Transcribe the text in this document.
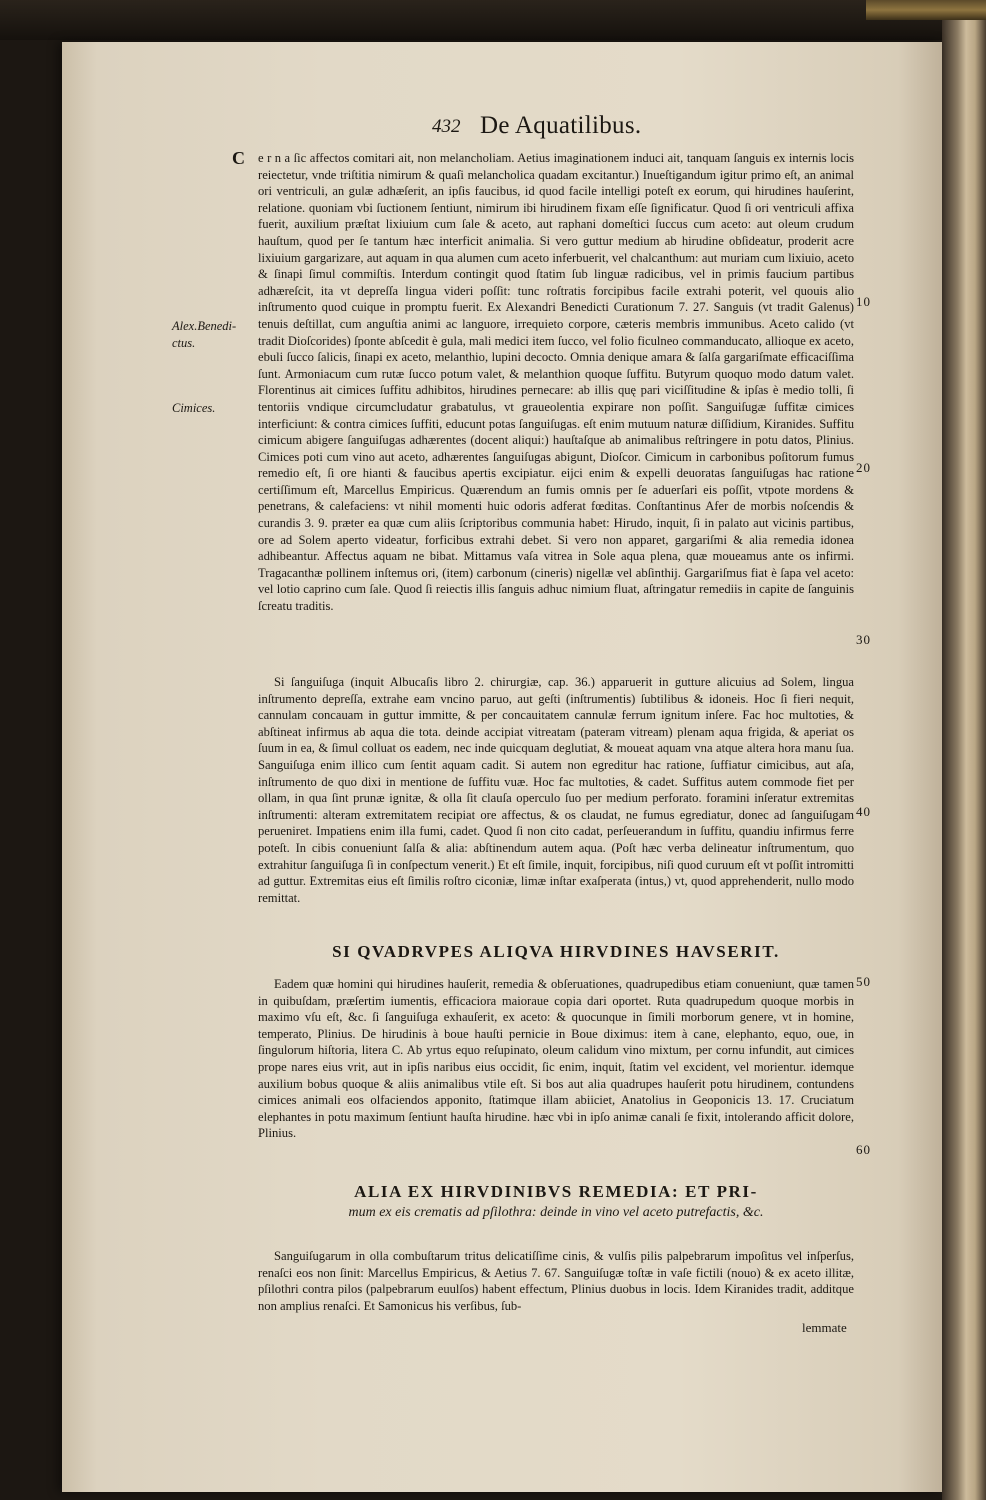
432 De Aquatilibus.
Alex.Benedi- ctus.
Cimices.
10
20
30
40
50
60

C e r n a ſic affectos comitari ait, non melancholiam. Aetius imaginationem induci ait, tanquam ſanguis ex internis locis reiectetur, vnde triſtitia nimirum & quaſi melancholica quadam excitantur.) Inueſtigandum igitur primo eſt, an animal ori ventriculi, an gulæ adhæſerit, an ipſis faucibus, id quod facile intelligi poteſt ex eorum, qui hirudines hauſerint, relatione. quoniam vbi ſuctionem ſentiunt, nimirum ibi hirudinem fixam eſſe ſignificatur. Quod ſi ori ventriculi affixa fuerit, auxilium præſtat lixiuium cum ſale & aceto, aut raphani domeſtici ſuccus cum aceto: aut oleum crudum hauſtum, quod per ſe tantum hæc interficit animalia. Si vero guttur medium ab hirudine obſideatur, proderit acre lixiuium gargarizare, aut aquam in qua alumen cum aceto inferbuerit, vel chalcanthum: aut muriam cum lixiuio, aceto & ſinapi ſimul commiſtis. Interdum contingit quod ſtatim ſub linguæ radicibus, vel in primis faucium partibus adhæreſcit, ita vt depreſſa lingua videri poſſit: tunc roſtratis forcipibus facile extrahi poterit, vel quouis alio inſtrumento quod cuique in promptu fuerit. Ex Alexandri Benedicti Curationum 7. 27. Sanguis (vt tradit Galenus) tenuis deſtillat, cum anguſtia animi ac languore, irrequieto corpore, cæteris membris immunibus. Aceto calido (vt tradit Dioſcorides) ſponte abſcedit è gula, mali medici item ſucco, vel folio ficulneo commanducato, allioque ex aceto, ebuli ſucco ſalicis, ſinapi ex aceto, melanthio, lupini decocto. Omnia denique amara & ſalſa gargariſmate efficaciſſima ſunt. Armoniacum cum rutæ ſucco potum valet, & melanthion quoque ſuffitu. Butyrum quoquo modo datum valet. Florentinus ait cimices ſuffitu adhibitos, hirudines pernecare: ab illis quę pari viciſſitudine & ipſas è medio tolli, ſi tentoriis vndique circumcludatur grabatulus, vt graueolentia expirare non poſſit. Sanguiſugæ ſuffitæ cimices interficiunt: & contra cimices ſuffiti, educunt potas ſanguiſugas. eſt enim mutuum naturæ diſſidium, Kiranides. Suffitu cimicum abigere ſanguiſugas adhærentes (docent aliqui:) hauſtaſque ab animalibus reſtringere in potu datos, Plinius. Cimices poti cum vino aut aceto, adhærentes ſanguiſugas abigunt, Dioſcor. Cimicum in carbonibus poſitorum fumus remedio eſt, ſi ore hianti & faucibus apertis excipiatur. eijci enim & expelli deuoratas ſanguiſugas hac ratione certiſſimum eſt, Marcellus Empiricus. Quærendum an fumis omnis per ſe aduerſari eis poſſit, vtpote mordens & penetrans, & calefaciens: vt nihil momenti huic odoris adferat fœditas. Conſtantinus Afer de morbis noſcendis & curandis 3. 9. præter ea quæ cum aliis ſcriptoribus communia habet: Hirudo, inquit, ſi in palato aut vicinis partibus, ore ad Solem aperto videatur, forficibus extrahi debet. Si vero non apparet, gargariſmi & alia remedia idonea adhibeantur. Affectus aquam ne bibat. Mittamus vaſa vitrea in Sole aqua plena, quæ moueamus ante os infirmi. Tragacanthæ pollinem inſtemus ori, (item) carbonum (cineris) nigellæ vel abſinthij. Gargariſmus fiat è ſapa vel aceto: vel lotio caprino cum ſale. Quod ſi reiectis illis ſanguis adhuc nimium fluat, aſtringatur remediis in capite de ſanguinis ſcreatu traditis.

Si ſanguiſuga (inquit Albucaſis libro 2. chirurgiæ, cap. 36.) apparuerit in gutture alicuius ad Solem, lingua inſtrumento depreſſa, extrahe eam vncino paruo, aut geſti (inſtrumentis) ſubtilibus & idoneis. Hoc ſi fieri nequit, cannulam concauam in guttur immitte, & per concauitatem cannulæ ferrum ignitum inſere. Fac hoc multoties, & abſtineat infirmus ab aqua die tota. deinde accipiat vitreatam (pateram vitream) plenam aqua frigida, & aperiat os ſuum in ea, & ſimul colluat os eadem, nec inde quicquam deglutiat, & moueat aquam vna atque altera hora manu ſua. Sanguiſuga enim illico cum ſentit aquam cadit. Si autem non egreditur hac ratione, ſuffiatur cimicibus, aut aſa, inſtrumento de quo dixi in mentione de ſuffitu vuæ. Hoc fac multoties, & cadet. Suffitus autem commode fiet per ollam, in qua ſint prunæ ignitæ, & olla ſit clauſa operculo ſuo per medium perforato. foramini inſeratur extremitas inſtrumenti: alteram extremitatem recipiat ore affectus, & os claudat, ne fumus egrediatur, donec ad ſanguiſugam perueniret. Impatiens enim illa fumi, cadet. Quod ſi non cito cadat, perſeuerandum in ſuffitu, quandiu infirmus ferre poteſt. In cibis conueniunt ſalſa & alia: abſtinendum autem aqua. (Poſt hæc verba delineatur inſtrumentum, quo extrahitur ſanguiſuga ſi in conſpectum venerit.) Et eſt ſimile, inquit, forcipibus, niſi quod curuum eſt vt poſſit intromitti ad guttur. Extremitas eius eſt ſimilis roſtro ciconiæ, limæ inſtar exaſperata (intus,) vt, quod apprehenderit, nullo modo remittat.

SI QVADRVPES ALIQVA HIRVDINES HAVSERIT.

Eadem quæ homini qui hirudines hauſerit, remedia & obſeruationes, quadrupedibus etiam conueniunt, quæ tamen in quibuſdam, præſertim iumentis, efficaciora maioraue copia dari oportet. Ruta quadrupedum quoque morbis in maximo vſu eſt, &c. ſi ſanguiſuga exhauſerit, ex aceto: & quocunque in ſimili morborum genere, vt in homine, temperato, Plinius. De hirudinis à boue hauſti pernicie in Boue diximus: item à cane, elephanto, equo, oue, in ſingulorum hiſtoria, litera C. Ab yrtus equo reſupinato, oleum calidum vino mixtum, per cornu infundit, aut cimices prope nares eius vrit, aut in ipſis naribus eius occidit, ſic enim, inquit, ſtatim vel excident, vel morientur. idemque auxilium bobus quoque & aliis animalibus vtile eſt. Si bos aut alia quadrupes hauſerit potu hirudinem, contundens cimices animali eos olfaciendos apponito, ſtatimque illam abiiciet, Anatolius in Geoponicis 13. 17. Cruciatum elephantes in potu maximum ſentiunt hauſta hirudine. hæc vbi in ipſo animæ canali ſe fixit, intolerando afficit dolore, Plinius.

ALIA EX HIRVDINIBVS REMEDIA: ET PRI-

mum ex eis crematis ad pſilothra: deinde in vino vel aceto putrefactis, &c.

Sanguiſugarum in olla combuſtarum tritus delicatiſſime cinis, & vulſis pilis palpebrarum impoſitus vel inſperſus, renaſci eos non ſinit: Marcellus Empiricus, & Aetius 7. 67. Sanguiſugæ toſtæ in vaſe fictili (nouo) & ex aceto illitæ, pſilothri contra pilos (palpebrarum euulſos) habent effectum, Plinius duobus in locis. Idem Kiranides tradit, additque non amplius renaſci. Et Samonicus his verſibus, ſub-

lemmate
